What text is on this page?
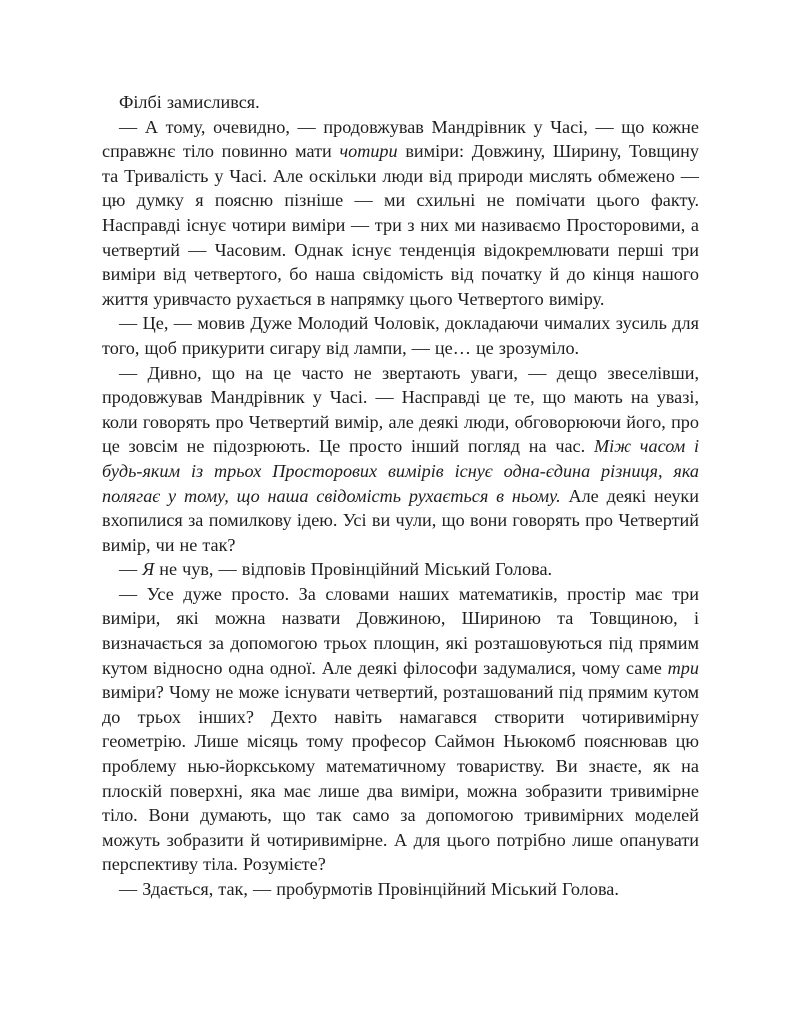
Філбі замислився.

— А тому, очевидно, — продовжував Мандрівник у Часі, — що кожне справжнє тіло повинно мати чотири виміри: Довжину, Ширину, Товщину та Тривалість у Часі. Але оскільки люди від природи мислять обмежено — цю думку я поясню пізніше — ми схильні не помічати цього факту. Насправді існує чотири виміри — три з них ми називаємо Просторовими, а четвертий — Часовим. Однак існує тенденція відокремлювати перші три виміри від четвертого, бо наша свідомість від початку й до кінця нашого життя уривчасто рухається в напрямку цього Четвертого виміру.

— Це, — мовив Дуже Молодий Чоловік, докладаючи чималих зусиль для того, щоб прикурити сигару від лампи, — це… це зрозуміло.

— Дивно, що на це часто не звертають уваги, — дещо звеселівши, продовжував Мандрівник у Часі. — Насправді це те, що мають на увазі, коли говорять про Четвертий вимір, але деякі люди, обговорюючи його, про це зовсім не підозрюють. Це просто інший погляд на час. Між часом і будь-яким із трьох Просторових вимірів існує одна-єдина різниця, яка полягає у тому, що наша свідомість рухається в ньому. Але деякі неуки вхопилися за помилкову ідею. Усі ви чули, що вони говорять про Четвертий вимір, чи не так?

— Я не чув, — відповів Провінційний Міський Голова.

— Усе дуже просто. За словами наших математиків, простір має три виміри, які можна назвати Довжиною, Шириною та Товщиною, і визначається за допомогою трьох площин, які розташовуються під прямим кутом відносно одна одної. Але деякі філософи задумалися, чому саме три виміри? Чому не може існувати четвертий, розташований під прямим кутом до трьох інших? Дехто навіть намагався створити чотиривимірну геометрію. Лише місяць тому професор Саймон Ньюкомб пояснював цю проблему нью-йоркському математичному товариству. Ви знаєте, як на плоскій поверхні, яка має лише два виміри, можна зобразити тривимірне тіло. Вони думають, що так само за допомогою тривимірних моделей можуть зобразити й чотиривимірне. А для цього потрібно лише опанувати перспективу тіла. Розумієте?

— Здається, так, — пробурмотів Провінційний Міський Голова.
